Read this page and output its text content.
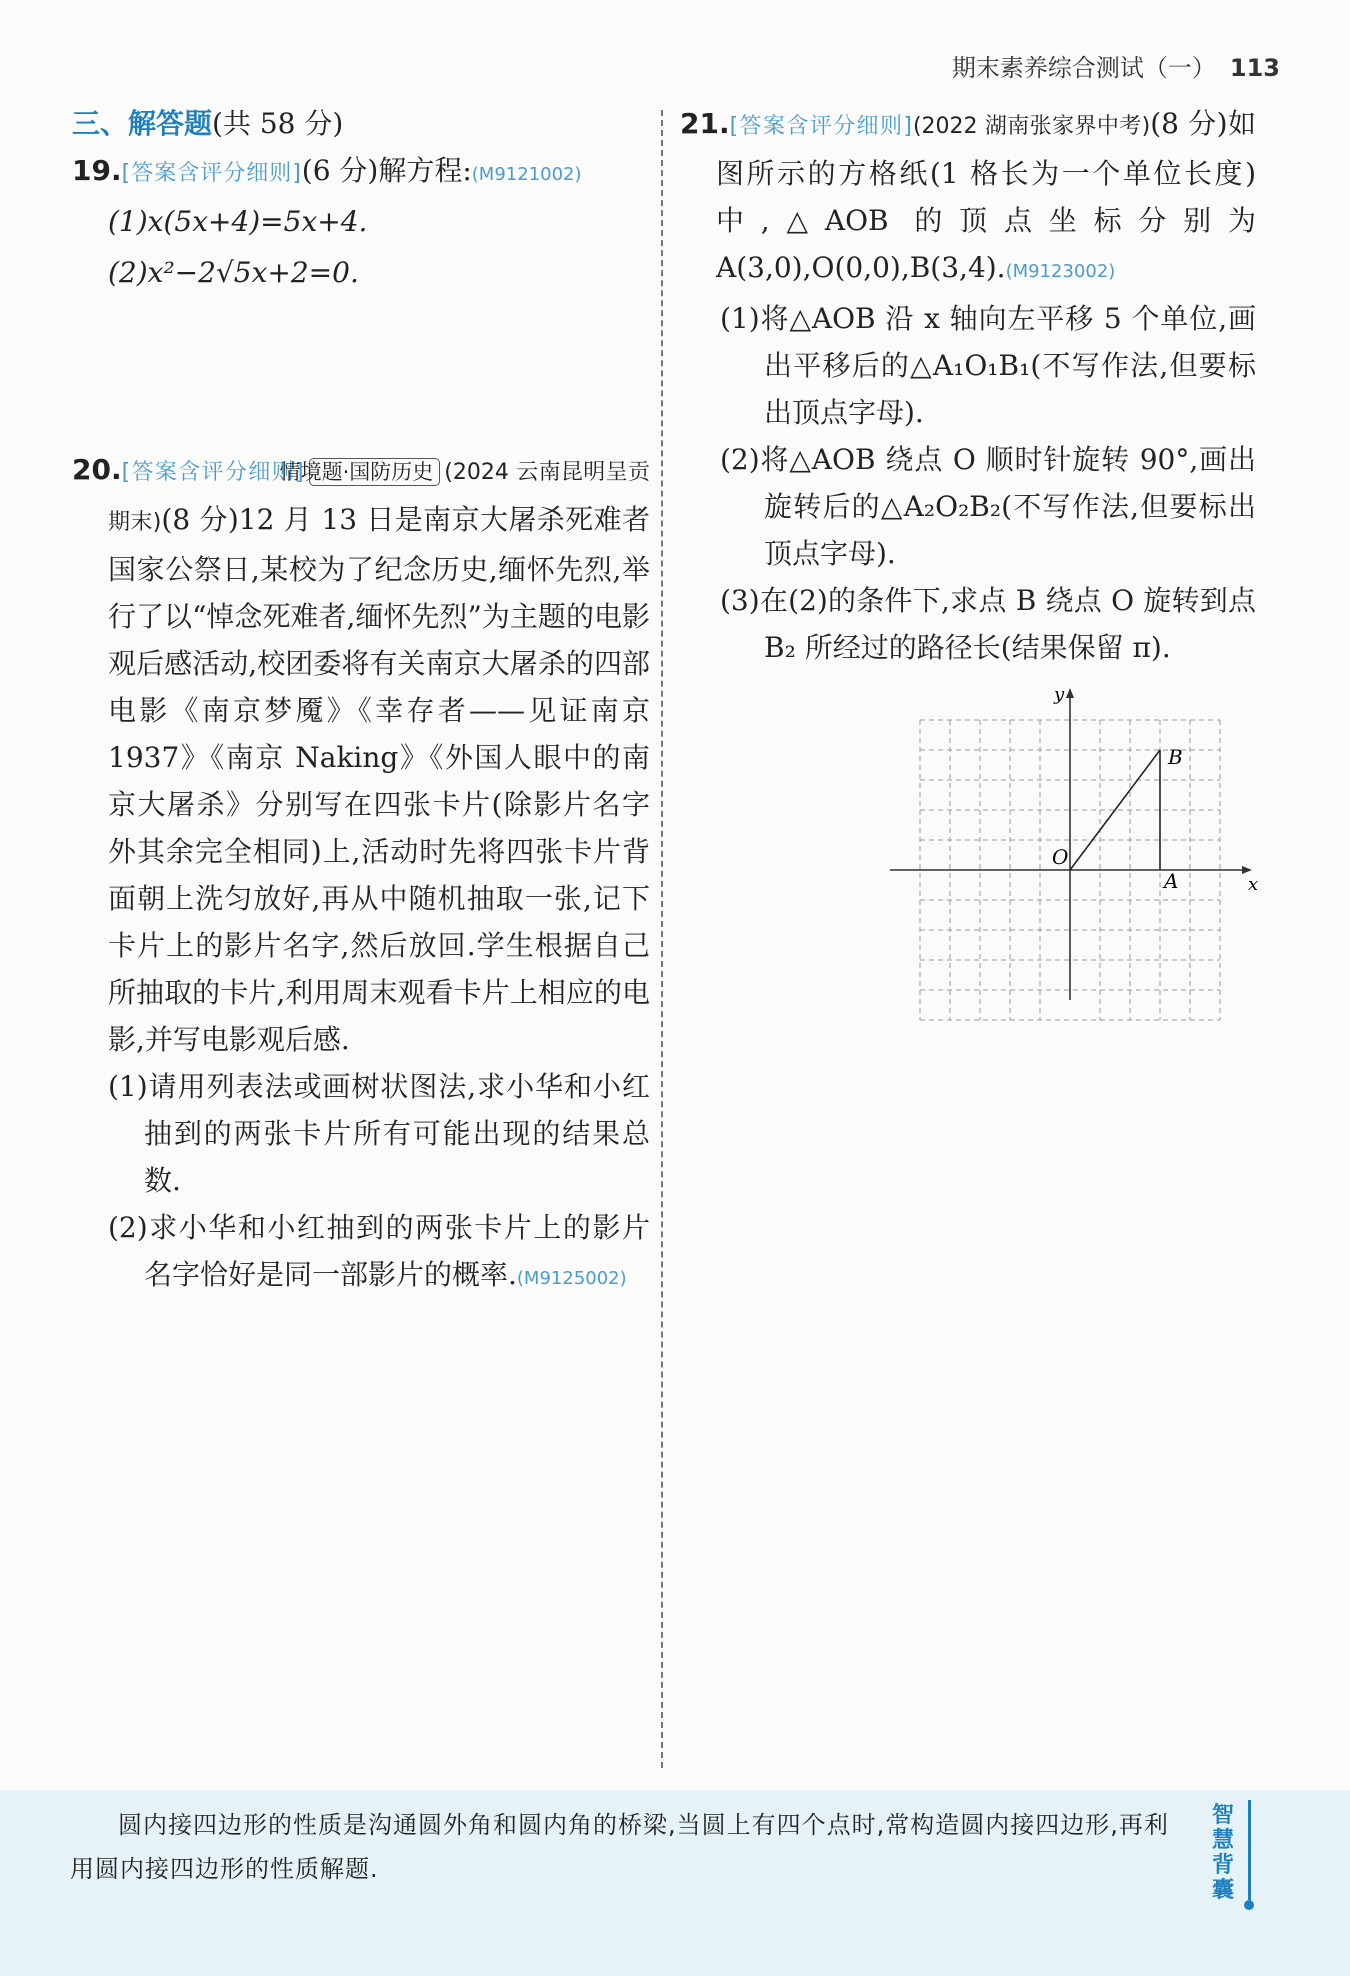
期末素养综合测试（一） 113
三、解答题(共 58 分)
19.[答案含评分细则](6 分)解方程:(M9121002)
(1)x(5x+4)=5x+4.
(2)x²−2√5x+2=0.
20.[答案含评分细则]情境题·国防历史 (2024 云南昆明呈贡期末)(8 分)12 月 13 日是南京大屠杀死难者国家公祭日,某校为了纪念历史,缅怀先烈,举行了以“悼念死难者,缅怀先烈”为主题的电影观后感活动,校团委将有关南京大屠杀的四部电影《南京梦魇》《幸存者——见证南京 1937》《南京 Naking》《外国人眼中的南京大屠杀》分别写在四张卡片(除影片名字外其余完全相同)上,活动时先将四张卡片背面朝上洗匀放好,再从中随机抽取一张,记下卡片上的影片名字,然后放回.学生根据自己所抽取的卡片,利用周末观看卡片上相应的电影,并写电影观后感.
(1)请用列表法或画树状图法,求小华和小红抽到的两张卡片所有可能出现的结果总数.
(2)求小华和小红抽到的两张卡片上的影片名字恰好是同一部影片的概率.(M9125002)
21.[答案含评分细则](2022 湖南张家界中考)(8 分)如图所示的方格纸(1 格长为一个单位长度)中,△AOB 的顶点坐标分别为 A(3,0),O(0,0),B(3,4).(M9123002)
(1)将△AOB 沿 x 轴向左平移 5 个单位,画出平移后的△A₁O₁B₁(不写作法,但要标出顶点字母).
(2)将△AOB 绕点 O 顺时针旋转 90°,画出旋转后的△A₂O₂B₂(不写作法,但要标出顶点字母).
(3)在(2)的条件下,求点 B 绕点 O 旋转到点 B₂ 所经过的路径长(结果保留 π).
x
y
O
A
B
圆内接四边形的性质是沟通圆外角和圆内角的桥梁,当圆上有四个点时,常构造圆内接四边形,再利用圆内接四边形的性质解题.
智慧背囊
